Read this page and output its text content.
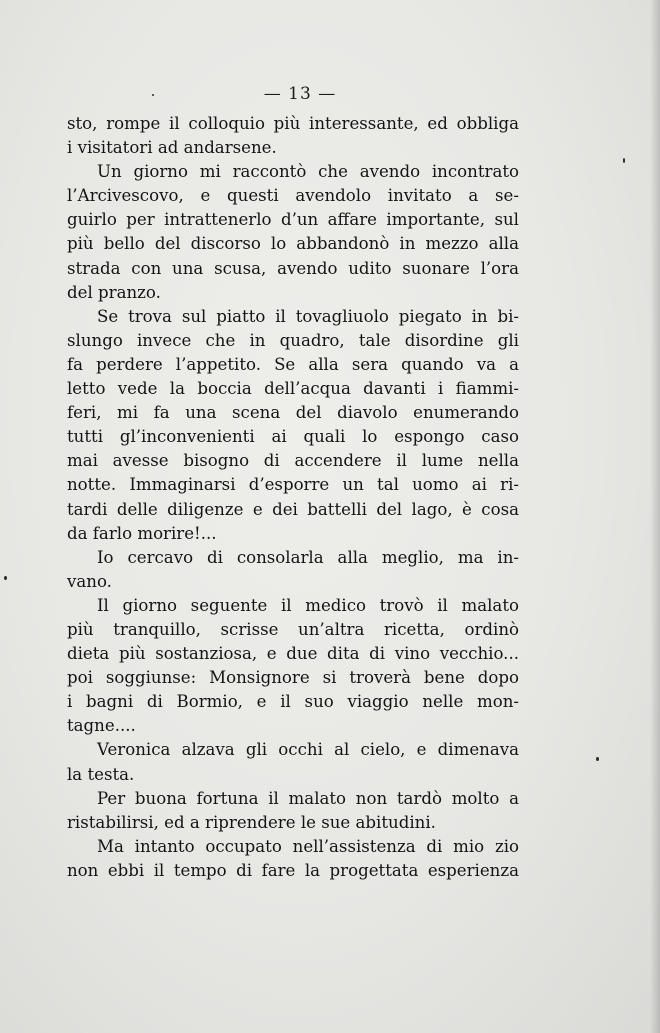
— 13 —
sto, rompe il colloquio più interessante, ed obbliga
i visitatori ad andarsene.
Un giorno mi raccontò che avendo incontrato
l’Arcivescovo, e questi avendolo invitato a se-
guirlo per intrattenerlo d’un affare importante, sul
più bello del discorso lo abbandonò in mezzo alla
strada con una scusa, avendo udito suonare l’ora
del pranzo.
Se trova sul piatto il tovagliuolo piegato in bi-
slungo invece che in quadro, tale disordine gli
fa perdere l’appetito. Se alla sera quando va a
letto vede la boccia dell’acqua davanti i fiammi-
feri, mi fa una scena del diavolo enumerando
tutti gl’inconvenienti ai quali lo espongo caso
mai avesse bisogno di accendere il lume nella
notte. Immaginarsi d’esporre un tal uomo ai ri-
tardi delle diligenze e dei battelli del lago, è cosa
da farlo morire!...
Io cercavo di consolarla alla meglio, ma in-
vano.
Il giorno seguente il medico trovò il malato
più tranquillo, scrisse un’altra ricetta, ordinò
dieta più sostanziosa, e due dita di vino vecchio...
poi soggiunse: Monsignore si troverà bene dopo
i bagni di Bormio, e il suo viaggio nelle mon-
tagne....
Veronica alzava gli occhi al cielo, e dimenava
la testa.
Per buona fortuna il malato non tardò molto a
ristabilirsi, ed a riprendere le sue abitudini.
Ma intanto occupato nell’assistenza di mio zio
non ebbi il tempo di fare la progettata esperienza
